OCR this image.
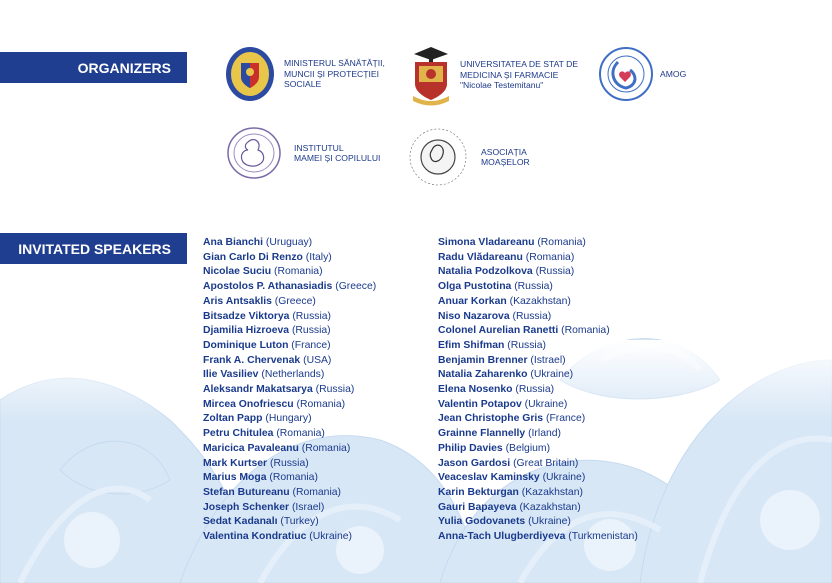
ORGANIZERS
INVITATED SPEAKERS
MINISTERUL SĂNĂTĂȚII,
MUNCII ȘI PROTECȚIEI
SOCIALE
UNIVERSITATEA DE STAT DE
MEDICINA ȘI FARMACIE
"Nicolae Testemitanu"
AMOG
INSTITUTUL
MAMEI ȘI COPILULUI
ASOCIAȚIA
MOAȘELOR
Ana Bianchi (Uruguay)
Gian Carlo Di Renzo (Italy)
Nicolae Suciu (Romania)
Apostolos P. Athanasiadis (Greece)
Aris Antsaklis (Greece)
Bitsadze Viktorya (Russia)
Djamilia Hizroeva (Russia)
Dominique Luton (France)
Frank A. Chervenak (USA)
Ilie Vasiliev (Netherlands)
Aleksandr Makatsarya (Russia)
Mircea Onofriescu (Romania)
Zoltan Papp (Hungary)
Petru Chitulea (Romania)
Maricica Pavaleanu (Romania)
Mark Kurtser (Russia)
Marius Moga (Romania)
Stefan Butureanu (Romania)
Joseph Schenker (Israel)
Sedat Kadanalı (Turkey)
Valentina Kondratiuc (Ukraine)
Simona Vladareanu (Romania)
Radu Vlădareanu (Romania)
Natalia Podzolkova (Russia)
Olga Pustotina (Russia)
Anuar Korkan (Kazakhstan)
Niso Nazarova (Russia)
Colonel Aurelian Ranetti (Romania)
Efim Shifman (Russia)
Benjamin Brenner (Istrael)
Natalia Zaharenko (Ukraine)
Elena Nosenko (Russia)
Valentin Potapov (Ukraine)
Jean Christophe Gris (France)
Grainne Flannelly (Irland)
Philip Davies (Belgium)
Jason Gardosi (Great Britain)
Veaceslav Kaminsky (Ukraine)
Karin Bekturgan (Kazakhstan)
Gauri Bapayeva (Kazakhstan)
Yulia Godovanets (Ukraine)
Anna-Tach Ulugberdiyeva (Turkmenistan)
